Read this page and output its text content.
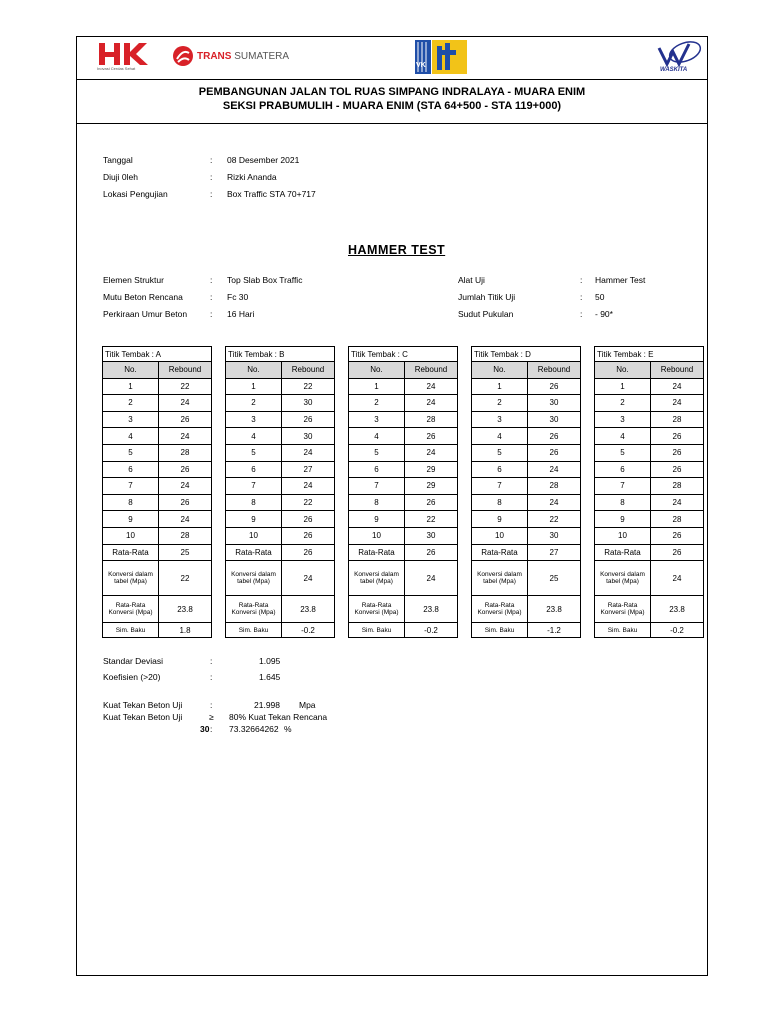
Inovasi Cerdas Sehat
TRANS SUMATERA
VK
WASKITA
PEMBANGUNAN JALAN TOL RUAS SIMPANG INDRALAYA - MUARA ENIM
SEKSI PRABUMULIH - MUARA ENIM (STA 64+500 - STA 119+000)
Tanggal	: 08 Desember 2021
Diuji 0leh	: Rizki Ananda
Lokasi Pengujian	: Box Traffic STA 70+717
HAMMER TEST
Elemen Struktur	: Top Slab Box Traffic
Mutu Beton Rencana	: Fc 30
Perkiraan Umur Beton	: 16 Hari
Alat Uji	: Hammer Test
Jumlah Titik Uji	: 50
Sudut Pukulan	: - 90*
Titik Tembak : A	
No.	Rebound
1	22
2	24
3	26
4	24
5	28
6	26
7	24
8	26
9	24
10	28
Rata-Rata	25
Konversi dalam tabel (Mpa)	22
Rata-Rata Konversi (Mpa)	23.8
Sim. Baku	1.8
Titik Tembak : B	
No.	Rebound
1	22
2	30
3	26
4	30
5	24
6	27
7	24
8	22
9	26
10	26
Rata-Rata	26
Konversi dalam tabel (Mpa)	24
Rata-Rata Konversi (Mpa)	23.8
Sim. Baku	-0.2
Titik Tembak : C	
No.	Rebound
1	24
2	24
3	28
4	26
5	24
6	29
7	29
8	26
9	22
10	30
Rata-Rata	26
Konversi dalam tabel (Mpa)	24
Rata-Rata Konversi (Mpa)	23.8
Sim. Baku	-0.2
Titik Tembak : D	
No.	Rebound
1	26
2	30
3	30
4	26
5	26
6	24
7	28
8	24
9	22
10	30
Rata-Rata	27
Konversi dalam tabel (Mpa)	25
Rata-Rata Konversi (Mpa)	23.8
Sim. Baku	-1.2
Titik Tembak : E	
No.	Rebound
1	24
2	24
3	28
4	26
5	26
6	26
7	28
8	24
9	28
10	26
Rata-Rata	26
Konversi dalam tabel (Mpa)	24
Rata-Rata Konversi (Mpa)	23.8
Sim. Baku	-0.2
Standar Deviasi	:	1.095
Koefisien (>20)	:	1.645
Kuat Tekan Beton Uji	:	21.998 Mpa
Kuat Tekan Beton Uji	≥ 80% Kuat Tekan Rencana
30 : 73.32664262 %
